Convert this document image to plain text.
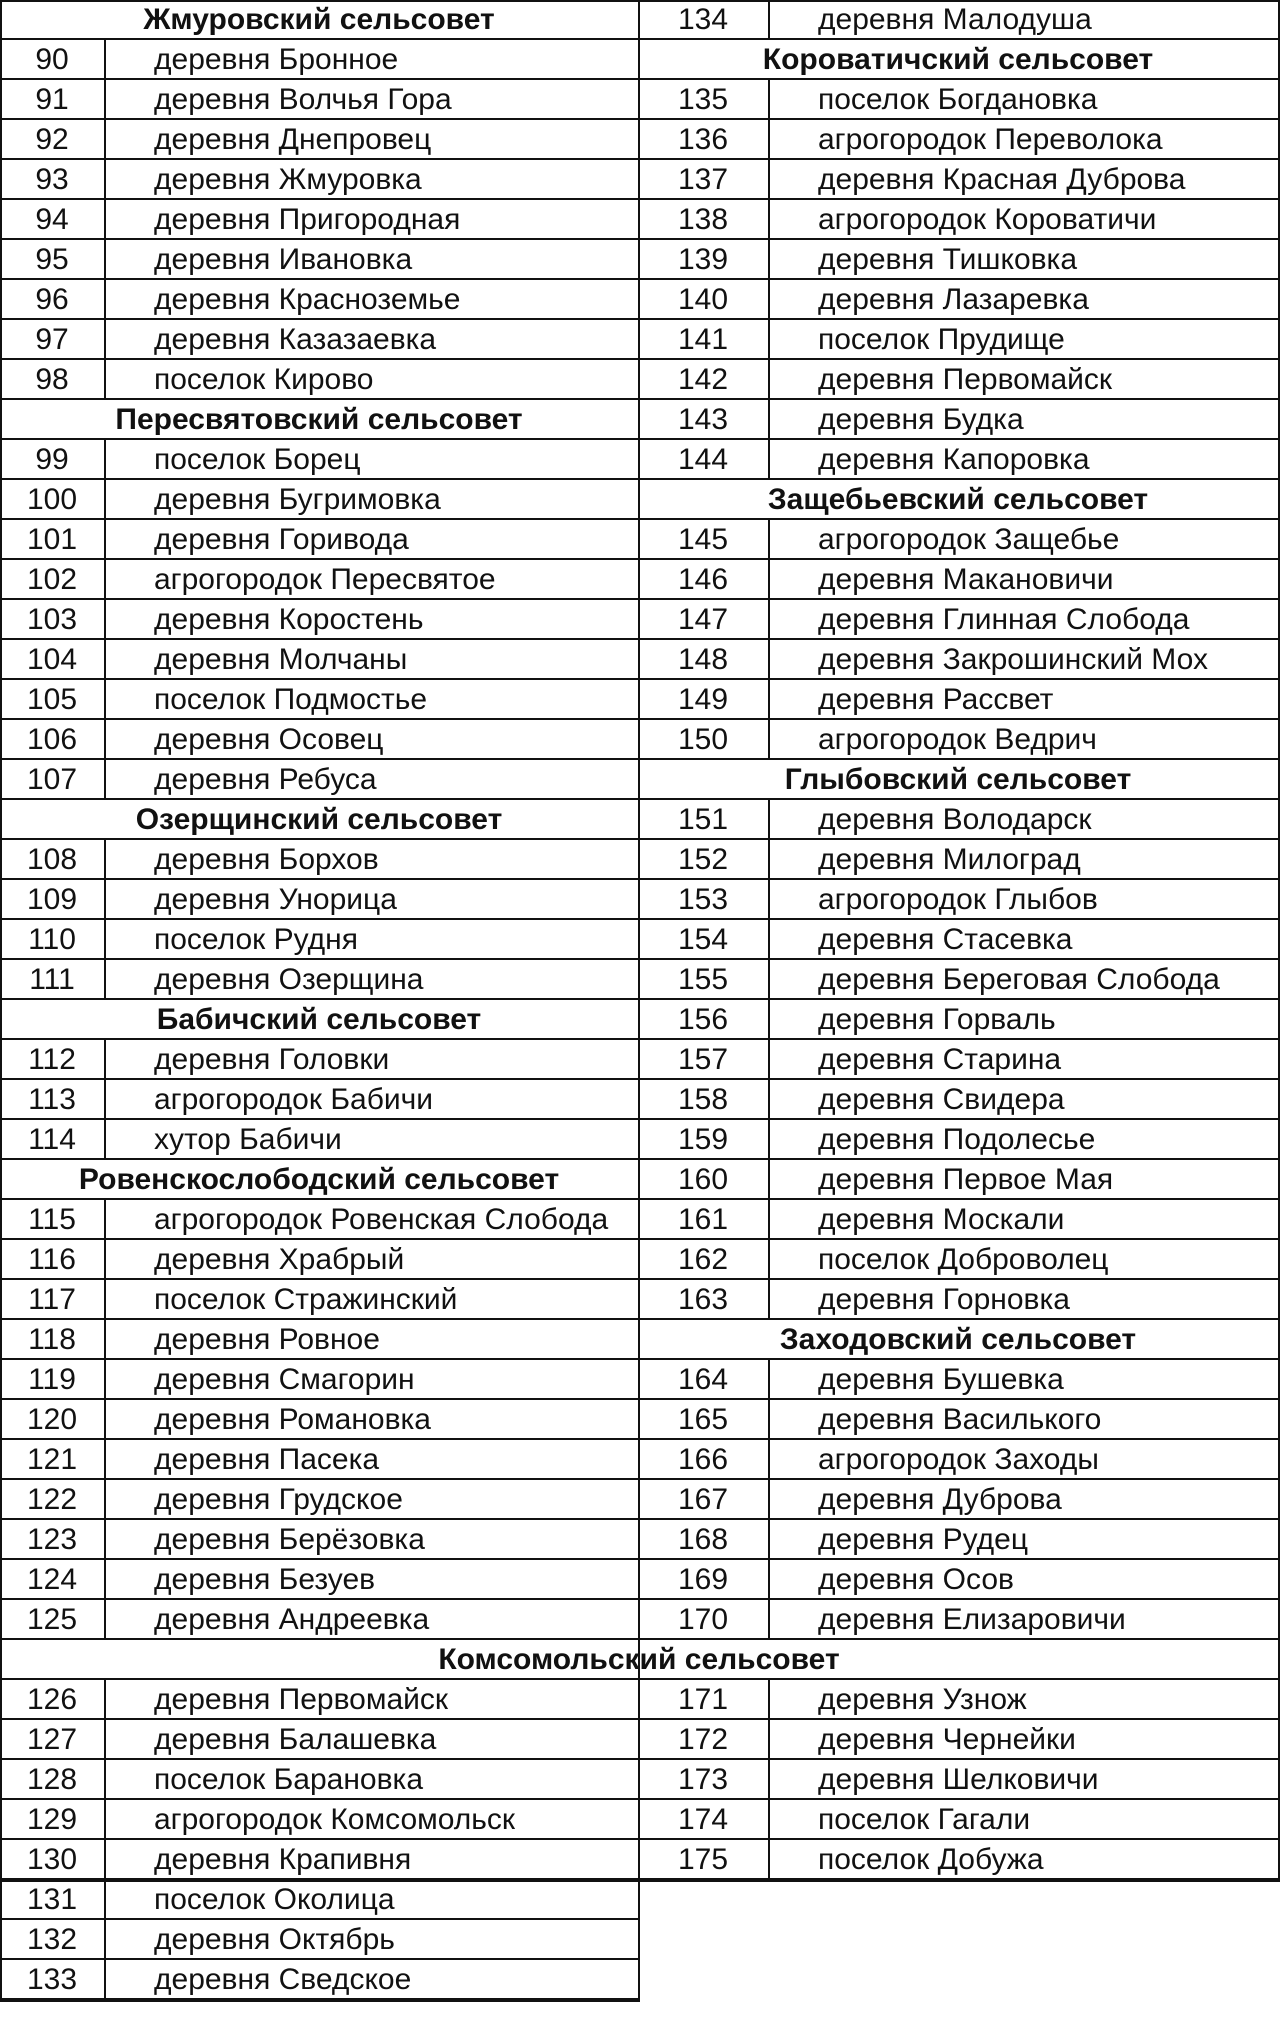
Жмуровский сельсовет
90	деревня Бронное
91	деревня Волчья Гора
92	деревня Днепровец
93	деревня Жмуровка
94	деревня Пригородная
95	деревня Ивановка
96	деревня Красноземье
97	деревня Казазаевка
98	поселок Кирово
Пересвятовский сельсовет
99	поселок Борец
100	деревня Бугримовка
101	деревня Горивода
102	агрогородок Пересвятое
103	деревня Коростень
104	деревня Молчаны
105	поселок Подмостье
106	деревня Осовец
107	деревня Ребуса
Озерщинский сельсовет
108	деревня Борхов
109	деревня Унорица
110	поселок Рудня
111	деревня Озерщина
Бабичский сельсовет
112	деревня Головки
113	агрогородок Бабичи
114	хутор Бабичи
Ровенскослободский сельсовет
115	агрогородок Ровенская Слобода
116	деревня Храбрый
117	поселок Стражинский
118	деревня Ровное
119	деревня Смагорин
120	деревня Романовка
121	деревня Пасека
122	деревня Грудское
123	деревня Берёзовка
124	деревня Безуев
125	деревня Андреевка
134	деревня Малодуша
Короватичский сельсовет
135	поселок Богдановка
136	агрогородок Переволока
137	деревня Красная Дуброва
138	агрогородок Короватичи
139	деревня Тишковка
140	деревня Лазаревка
141	поселок Прудище
142	деревня Первомайск
143	деревня Будка
144	деревня Капоровка
Защебьевский сельсовет
145	агрогородок Защебье
146	деревня Макановичи
147	деревня Глинная Слобода
148	деревня Закрошинский Мох
149	деревня Рассвет
150	агрогородок Ведрич
Глыбовский сельсовет
151	деревня Володарск
152	деревня Милоград
153	агрогородок Глыбов
154	деревня Стасевка
155	деревня Береговая Слобода
156	деревня Горваль
157	деревня Старина
158	деревня Свидера
159	деревня Подолесье
160	деревня Первое Мая
161	деревня Москали
162	поселок Доброволец
163	деревня Горновка
Заходовский сельсовет
164	деревня Бушевка
165	деревня Василького
166	агрогородок Заходы
167	деревня Дуброва
168	деревня Рудец
169	деревня Осов
170	деревня Елизаровичи
Комсомольский сельсовет
126	деревня Первомайск
127	деревня Балашевка
128	поселок Барановка
129	агрогородок Комсомольск
130	деревня Крапивня
131	поселок Околица
132	деревня Октябрь
133	деревня Сведское
171	деревня Узнож
172	деревня Чернейки
173	деревня Шелковичи
174	поселок Гагали
175	поселок Добужа
